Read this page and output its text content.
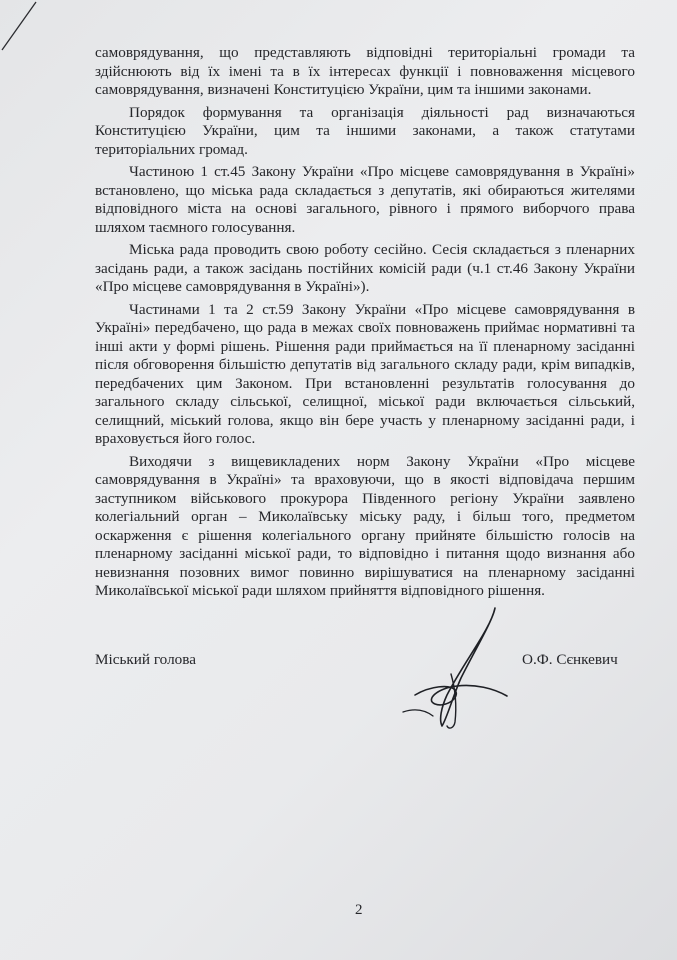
самоврядування, що представляють відповідні територіальні громади та здійснюють від їх імені та в їх інтересах функції і повноваження місцевого самоврядування, визначені Конституцією України, цим та іншими законами.

Порядок формування та організація діяльності рад визначаються Конституцією України, цим та іншими законами, а також статутами територіальних громад.

Частиною 1 ст.45 Закону України «Про місцеве самоврядування в Україні» встановлено, що міська рада складається з депутатів, які обираються жителями відповідного міста на основі загального, рівного і прямого виборчого права шляхом таємного голосування.

Міська рада проводить свою роботу сесійно. Сесія складається з пленарних засідань ради, а також засідань постійних комісій ради (ч.1 ст.46 Закону України «Про місцеве самоврядування в Україні»).

Частинами 1 та 2 ст.59 Закону України «Про місцеве самоврядування в Україні» передбачено, що рада в межах своїх повноважень приймає нормативні та інші акти у формі рішень. Рішення ради приймається на її пленарному засіданні після обговорення більшістю депутатів від загального складу ради, крім випадків, передбачених цим Законом. При встановленні результатів голосування до загального складу сільської, селищної, міської ради включається сільський, селищний, міський голова, якщо він бере участь у пленарному засіданні ради, і враховується його голос.

Виходячи з вищевикладених норм Закону України «Про місцеве самоврядування в Україні» та враховуючи, що в якості відповідача першим заступником військового прокурора Південного регіону України заявлено колегіальний орган – Миколаївську міську раду, і більш того, предметом оскарження є рішення колегіального органу прийняте більшістю голосів на пленарному засіданні міської ради, то відповідно і питання щодо визнання або невизнання позовних вимог повинно вирішуватися на пленарному засіданні Миколаївської міської ради шляхом прийняття відповідного рішення.

Міський голова	О.Ф. Сєнкевич
2
